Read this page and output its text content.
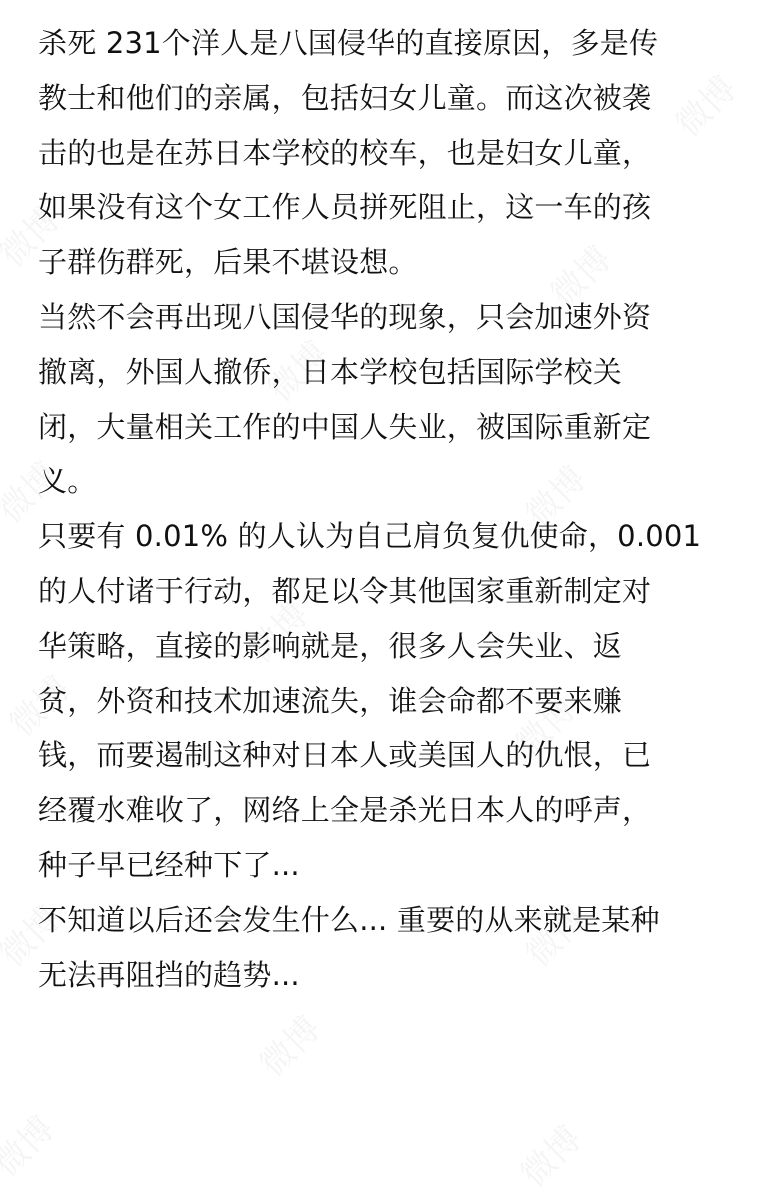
杀死 231个洋人是八国侵华的直接原因，多是传
教士和他们的亲属，包括妇女儿童。而这次被袭
击的也是在苏日本学校的校车，也是妇女儿童，
如果没有这个女工作人员拼死阻止，这一车的孩
子群伤群死，后果不堪设想。
当然不会再出现八国侵华的现象，只会加速外资
撤离，外国人撤侨，日本学校包括国际学校关
闭，大量相关工作的中国人失业，被国际重新定
义。
只要有 0.01% 的人认为自己肩负复仇使命，0.001
的人付诸于行动，都足以令其他国家重新制定对
华策略，直接的影响就是，很多人会失业、返
贫，外资和技术加速流失，谁会命都不要来赚
钱，而要遏制这种对日本人或美国人的仇恨，已
经覆水难收了，网络上全是杀光日本人的呼声，
种子早已经种下了...
不知道以后还会发生什么... 重要的从来就是某种
无法再阻挡的趋势...
